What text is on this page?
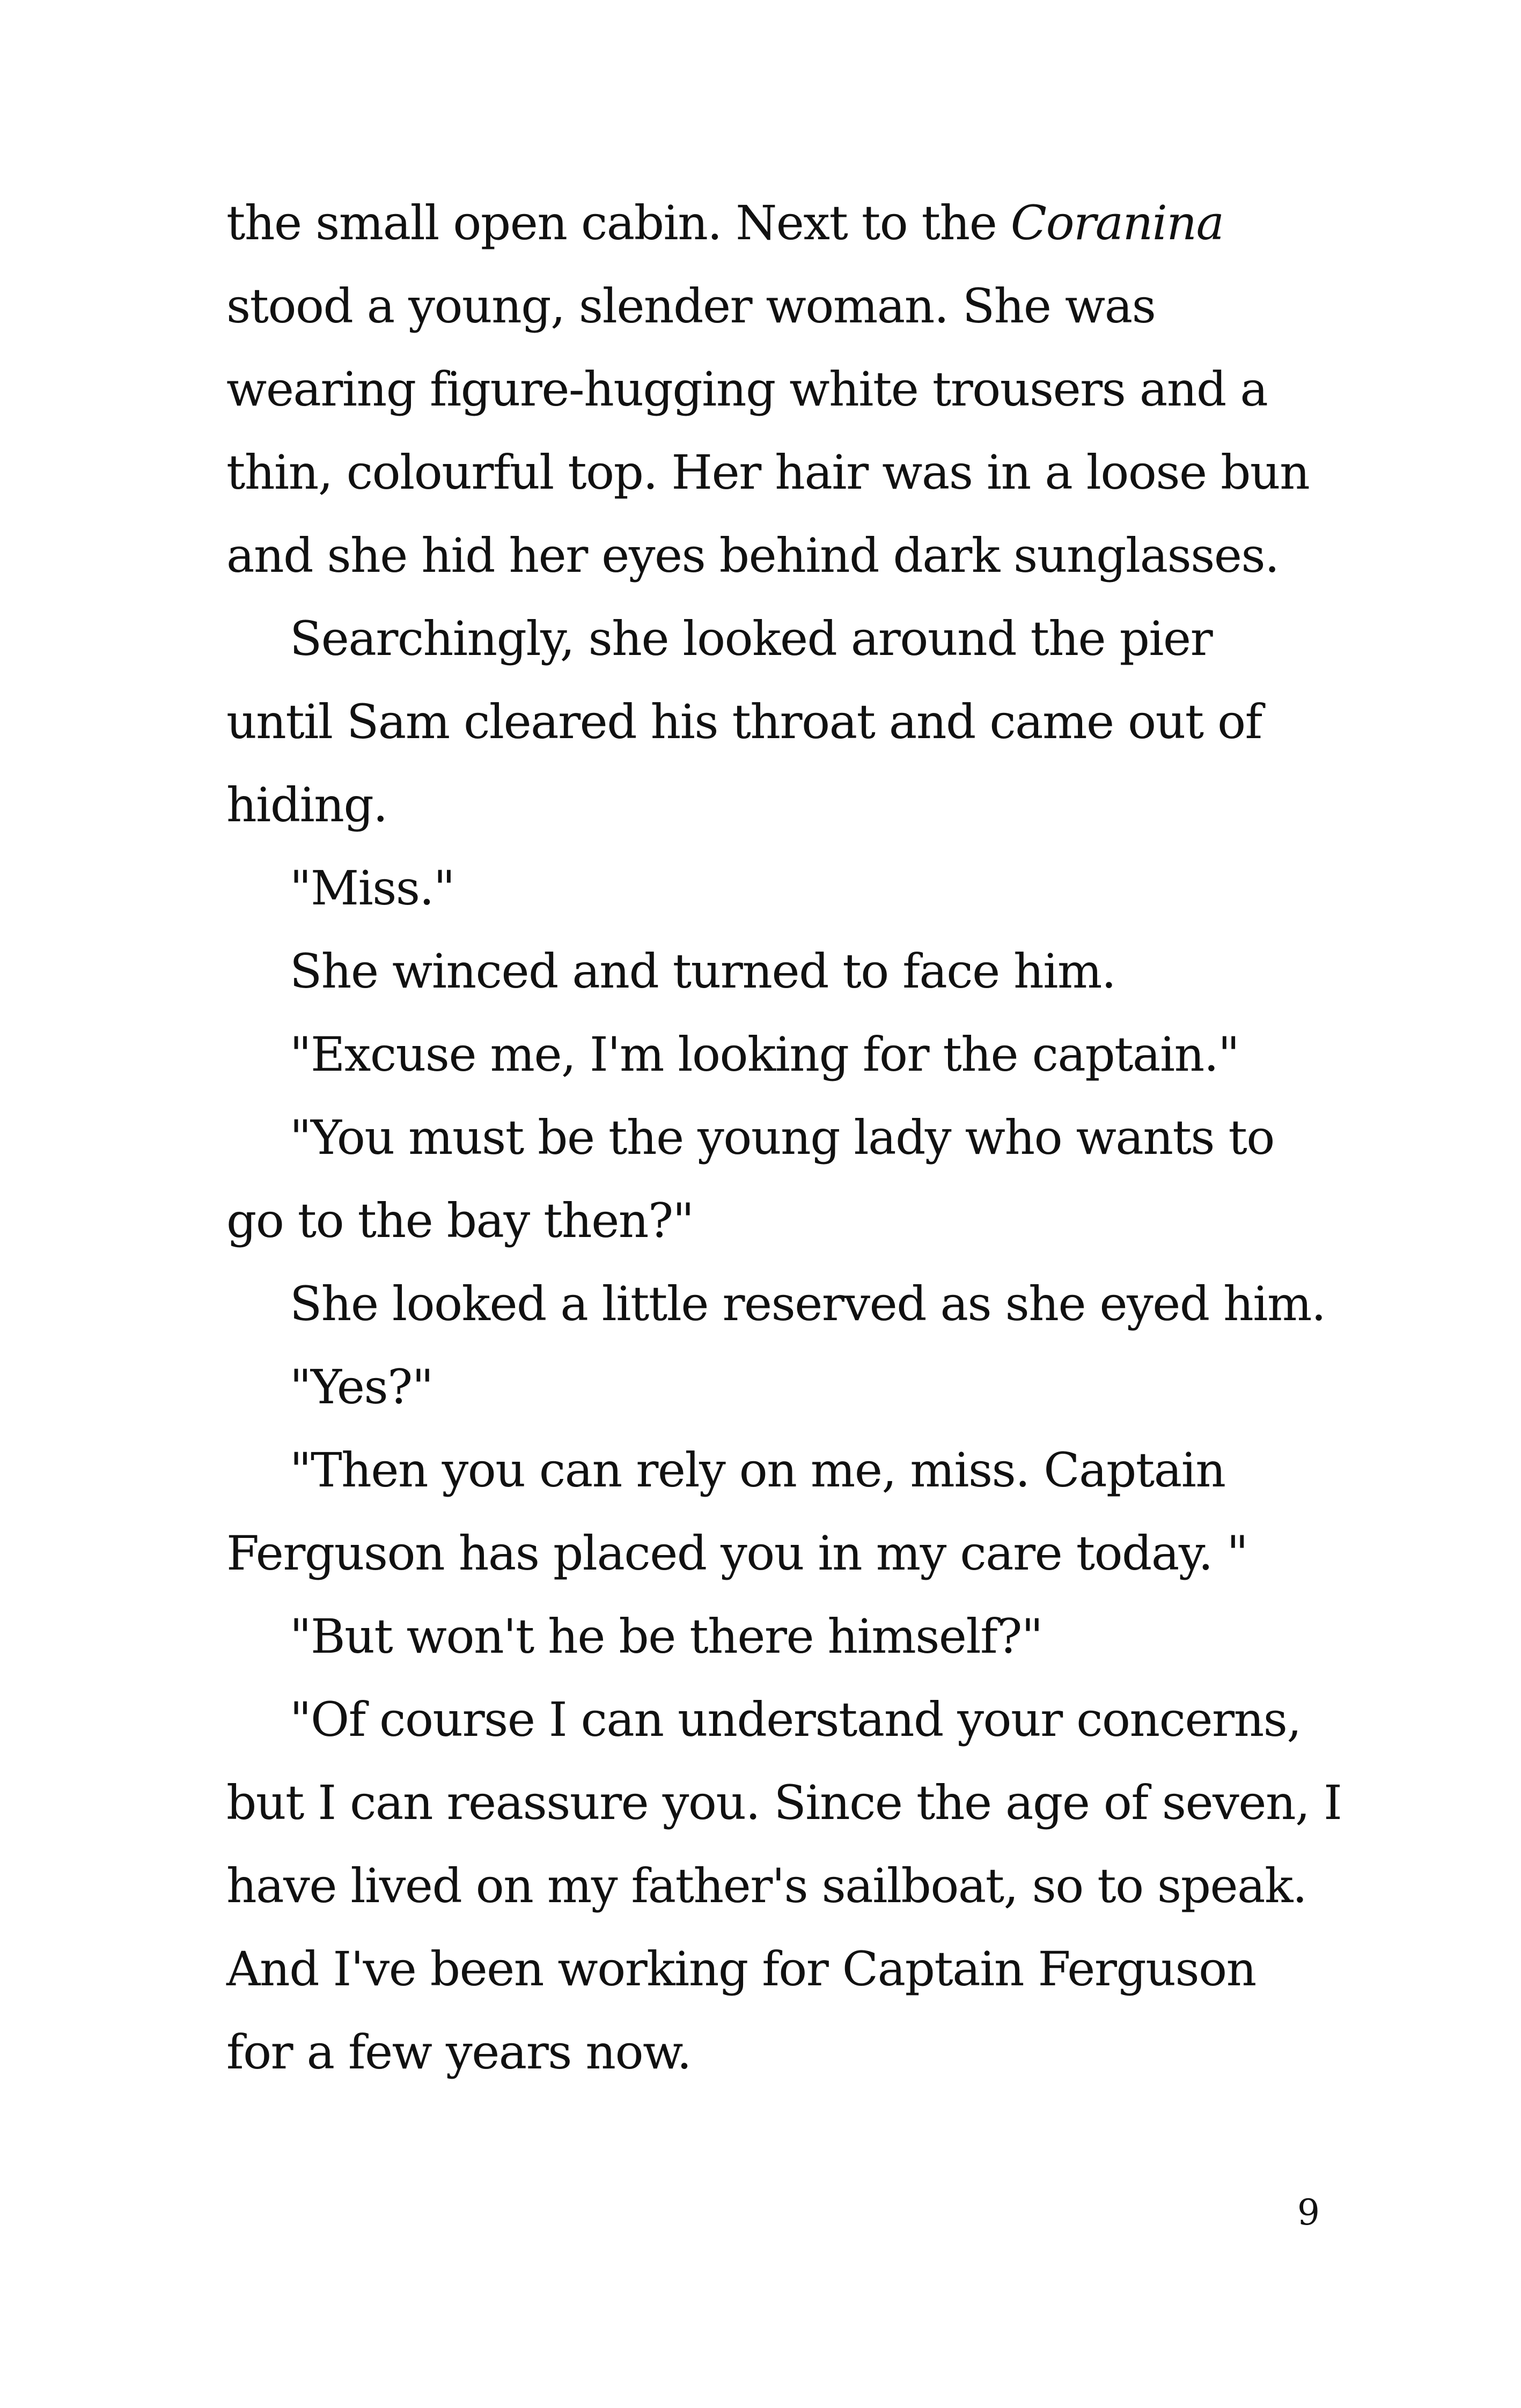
the small open cabin. Next to the Coranina
stood a young, slender woman. She was
wearing figure-hugging white trousers and a
thin, colourful top. Her hair was in a loose bun
and she hid her eyes behind dark sunglasses.
Searchingly, she looked around the pier
until Sam cleared his throat and came out of
hiding.
"Miss."
She winced and turned to face him.
"Excuse me, I'm looking for the captain."
"You must be the young lady who wants to
go to the bay then?"
She looked a little reserved as she eyed him.
"Yes?"
"Then you can rely on me, miss. Captain
Ferguson has placed you in my care today. "
"But won't he be there himself?"
"Of course I can understand your concerns,
but I can reassure you. Since the age of seven, I
have lived on my father's sailboat, so to speak.
And I've been working for Captain Ferguson
for a few years now.
9
